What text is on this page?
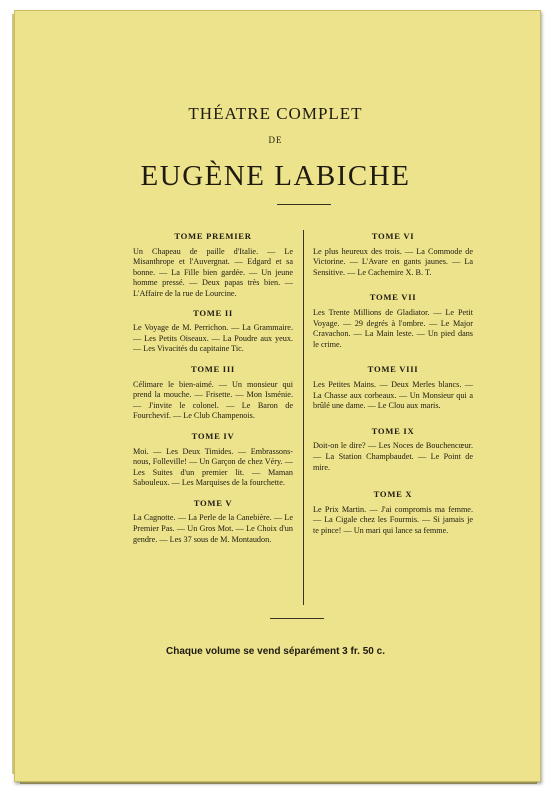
THÉATRE COMPLET
DE
EUGÈNE LABICHE

TOME PREMIER

Un Chapeau de paille d'Italie. — Le Misanthrope et l'Auvergnat. — Edgard et sa bonne. — La Fille bien gardée. — Un jeune homme pressé. — Deux papas très bien. — L'Affaire de la rue de Lourcine.

TOME II

Le Voyage de M. Perrichon. — La Grammaire. — Les Petits Oiseaux. — La Poudre aux yeux. — Les Vivacités du capitaine Tic.

TOME III

Célimare le bien-aimé. — Un monsieur qui prend la mouche. — Frisette. — Mon Isménie. — J'invite le colonel. — Le Baron de Fourchevif. — Le Club Champenois.

TOME IV

Moi. — Les Deux Timides. — Embrassons-nous, Folleville! — Un Garçon de chez Véry. — Les Suites d'un premier lit. — Maman Sabouleux. — Les Marquises de la fourchette.

TOME V

La Cagnotte. — La Perle de la Canebière. — Le Premier Pas. — Un Gros Mot. — Le Choix d'un gendre. — Les 37 sous de M. Montaudon.

TOME VI

Le plus heureux des trois. — La Commode de Victorine. — L'Avare en gants jaunes. — La Sensitive. — Le Cachemire X. B. T.

TOME VII

Les Trente Millions de Gladiator. — Le Petit Voyage. — 29 degrés à l'ombre. — Le Major Cravachon. — La Main leste. — Un pied dans le crime.

TOME VIII

Les Petites Mains. — Deux Merles blancs. — La Chasse aux corbeaux. — Un Monsieur qui a brûlé une dame. — Le Clou aux maris.

TOME IX

Doit-on le dire? — Les Noces de Bouchencœur. — La Station Champbaudet. — Le Point de mire.

TOME X

Le Prix Martin. — J'ai compromis ma femme. — La Cigale chez les Fourmis. — Si jamais je te pince! — Un mari qui lance sa femme.

Chaque volume se vend séparément 3 fr. 50 c.
